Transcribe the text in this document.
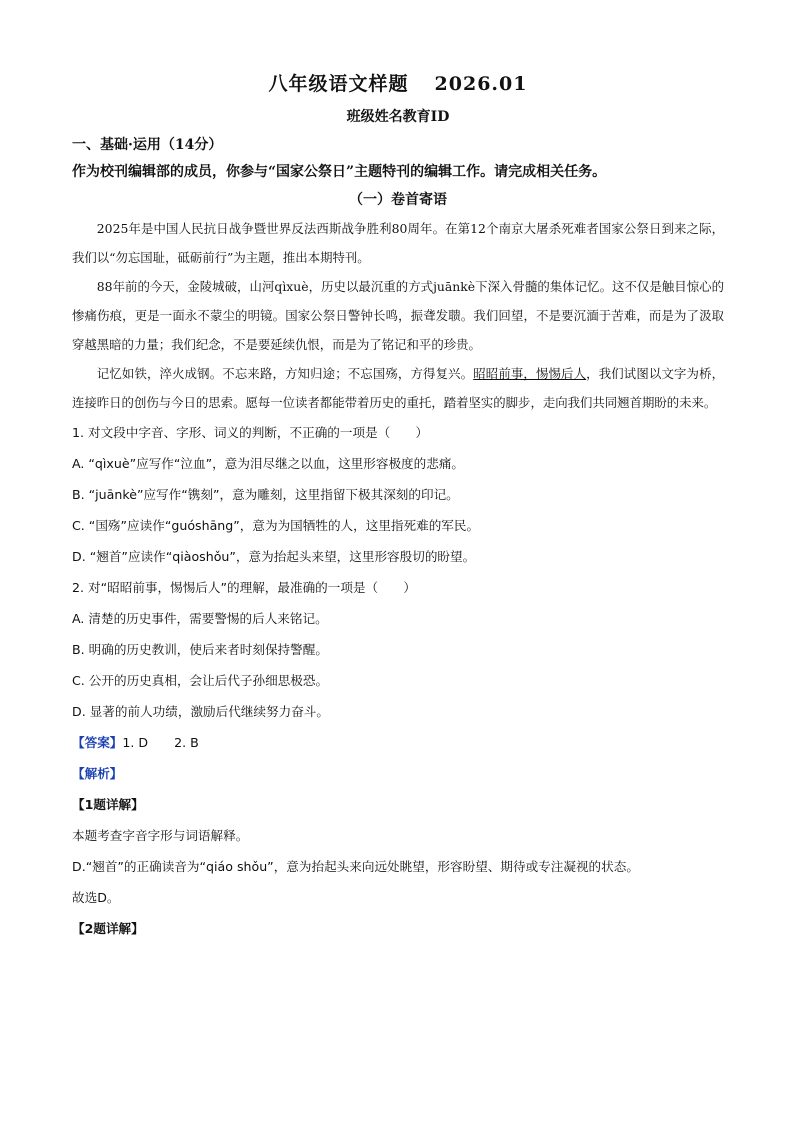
八年级语文样题 2026.01
班级姓名教育ID
一、基础·运用（14分）
作为校刊编辑部的成员，你参与“国家公祭日”主题特刊的编辑工作。请完成相关任务。
（一）卷首寄语

2025年是中国人民抗日战争暨世界反法西斯战争胜利80周年。在第12个南京大屠杀死难者国家公祭日到来之际，我们以“勿忘国耻，砥砺前行”为主题，推出本期特刊。

88年前的今天，金陵城破，山河qìxuè，历史以最沉重的方式juānkè下深入骨髓的集体记忆。这不仅是触目惊心的惨痛伤痕，更是一面永不蒙尘的明镜。国家公祭日警钟长鸣，振聋发聩。我们回望，不是要沉湎于苦难，而是为了汲取穿越黑暗的力量；我们纪念，不是要延续仇恨，而是为了铭记和平的珍贵。

记忆如铁，淬火成钢。不忘来路，方知归途；不忘国殇，方得复兴。昭昭前事，惕惕后人，我们试图以文字为桥，连接昨日的创伤与今日的思索。愿每一位读者都能带着历史的重托，踏着坚实的脚步，走向我们共同翘首期盼的未来。

1. 对文段中字音、字形、词义的判断，不正确的一项是（　　）

A. “qìxuè”应写作“泣血”，意为泪尽继之以血，这里形容极度的悲痛。

B. “juānkè”应写作“镌刻”，意为雕刻，这里指留下极其深刻的印记。

C. “国殇”应读作“guóshāng”，意为为国牺牲的人，这里指死难的军民。

D. “翘首”应读作“qiàoshǒu”，意为抬起头来望，这里形容殷切的盼望。

2. 对“昭昭前事，惕惕后人”的理解，最准确的一项是（　　）

A. 清楚的历史事件，需要警惕的后人来铭记。

B. 明确的历史教训，使后来者时刻保持警醒。

C. 公开的历史真相，会让后代子孙细思极恐。

D. 显著的前人功绩，激励后代继续努力奋斗。

【答案】1. D 2. B

【解析】

【1题详解】

本题考查字音字形与词语解释。

D.“翘首”的正确读音为“qiáo shǒu”，意为抬起头来向远处眺望，形容盼望、期待或专注凝视的状态。

故选D。

【2题详解】
